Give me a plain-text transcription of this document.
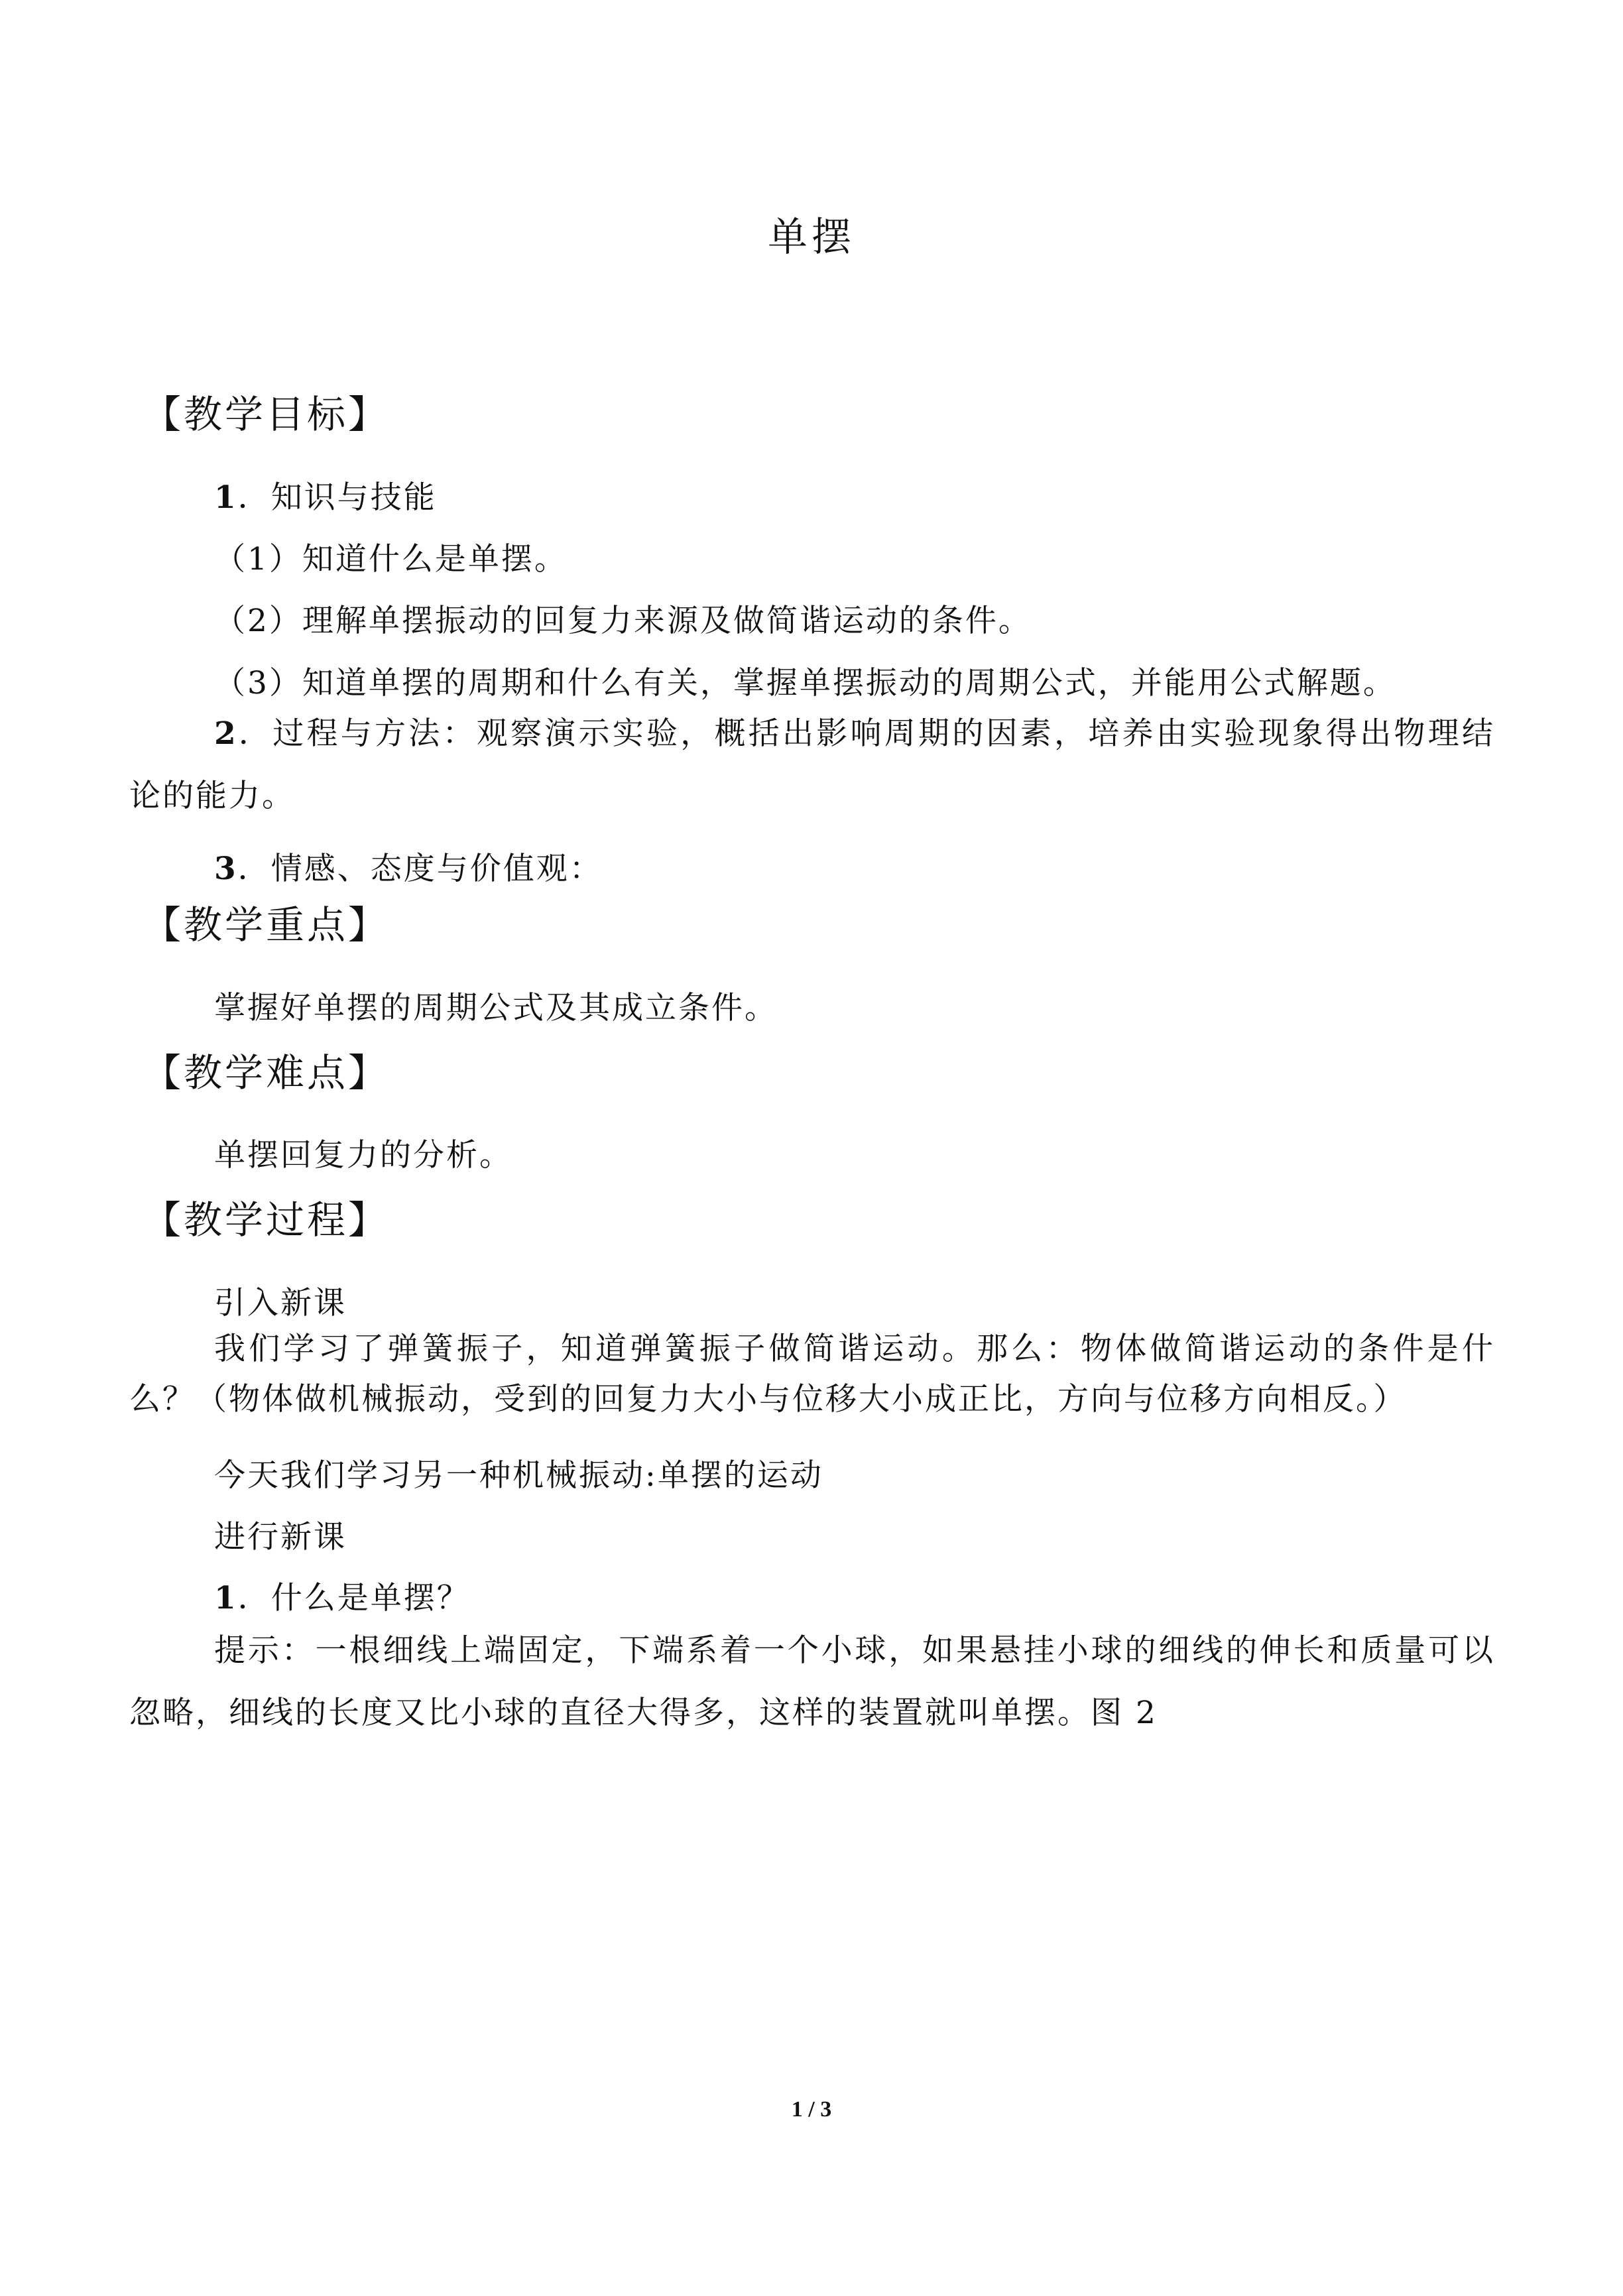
单摆
【教学目标】
1．知识与技能
（1）知道什么是单摆。
（2）理解单摆振动的回复力来源及做简谐运动的条件。
（3）知道单摆的周期和什么有关，掌握单摆振动的周期公式，并能用公式解题。
2．过程与方法：观察演示实验，概括出影响周期的因素，培养由实验现象得出物理结论的能力。
3．情感、态度与价值观：
【教学重点】
掌握好单摆的周期公式及其成立条件。
【教学难点】
单摆回复力的分析。
【教学过程】
引入新课
我们学习了弹簧振子，知道弹簧振子做简谐运动。那么：物体做简谐运动的条件是什么？（物体做机械振动，受到的回复力大小与位移大小成正比，方向与位移方向相反。）
今天我们学习另一种机械振动:单摆的运动
进行新课
1．什么是单摆？
提示：一根细线上端固定，下端系着一个小球，如果悬挂小球的细线的伸长和质量可以忽略，细线的长度又比小球的直径大得多，这样的装置就叫单摆。图 2
1 / 3
